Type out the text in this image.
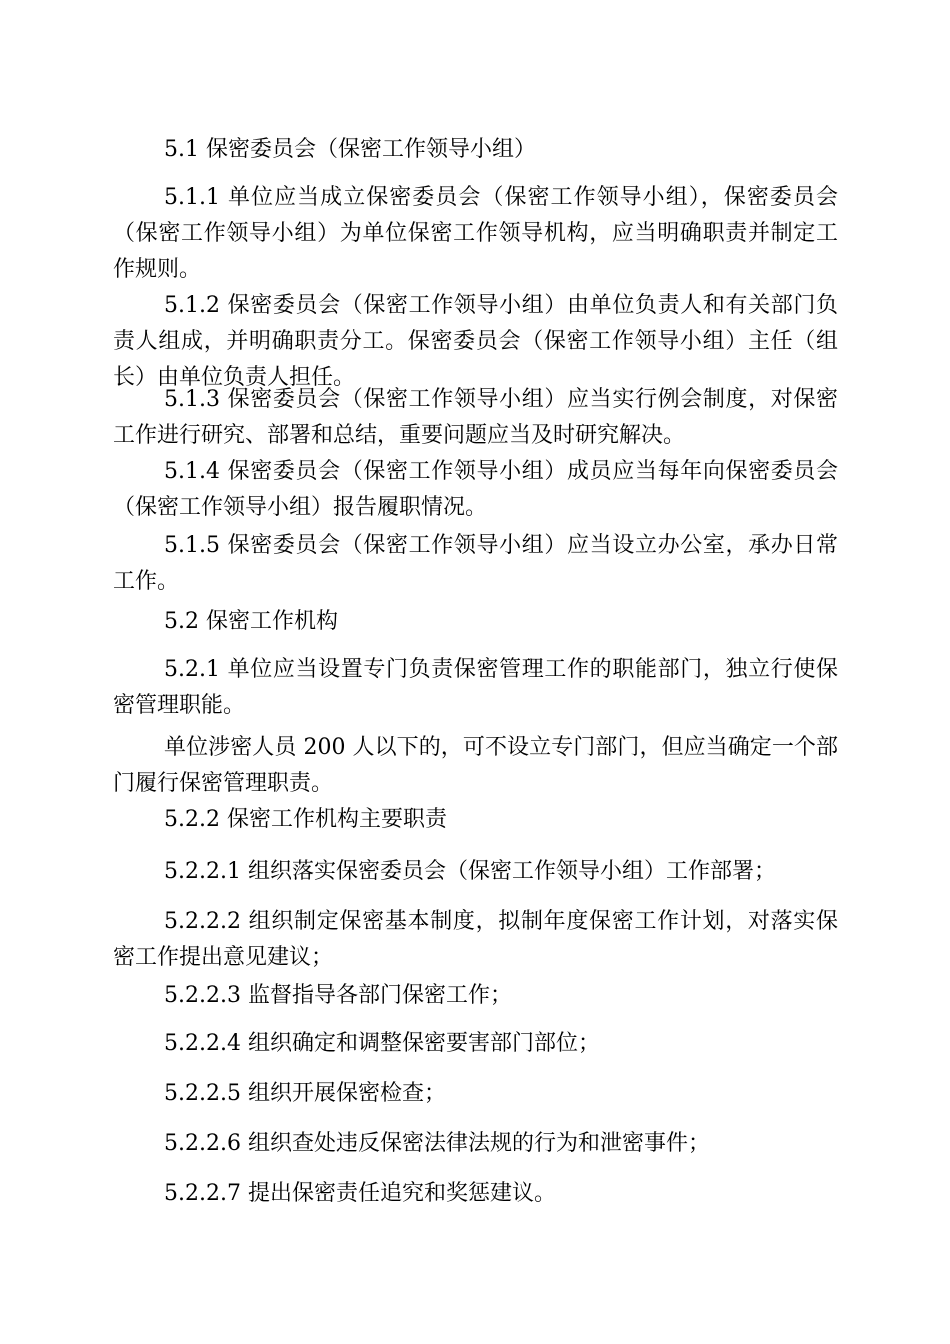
5.1 保密委员会（保密工作领导小组）

5.1.1 单位应当成立保密委员会（保密工作领导小组），保密委员会（保密工作领导小组）为单位保密工作领导机构，应当明确职责并制定工作规则。

5.1.2 保密委员会（保密工作领导小组）由单位负责人和有关部门负责人组成，并明确职责分工。保密委员会（保密工作领导小组）主任（组长）由单位负责人担任。

5.1.3 保密委员会（保密工作领导小组）应当实行例会制度，对保密工作进行研究、部署和总结，重要问题应当及时研究解决。

5.1.4 保密委员会（保密工作领导小组）成员应当每年向保密委员会（保密工作领导小组）报告履职情况。

5.1.5 保密委员会（保密工作领导小组）应当设立办公室，承办日常工作。

5.2 保密工作机构

5.2.1 单位应当设置专门负责保密管理工作的职能部门，独立行使保密管理职能。

单位涉密人员 200 人以下的，可不设立专门部门，但应当确定一个部门履行保密管理职责。

5.2.2 保密工作机构主要职责

5.2.2.1 组织落实保密委员会（保密工作领导小组）工作部署；

5.2.2.2 组织制定保密基本制度，拟制年度保密工作计划，对落实保密工作提出意见建议；

5.2.2.3 监督指导各部门保密工作；

5.2.2.4 组织确定和调整保密要害部门部位；

5.2.2.5 组织开展保密检查；

5.2.2.6 组织查处违反保密法律法规的行为和泄密事件；

5.2.2.7 提出保密责任追究和奖惩建议。
